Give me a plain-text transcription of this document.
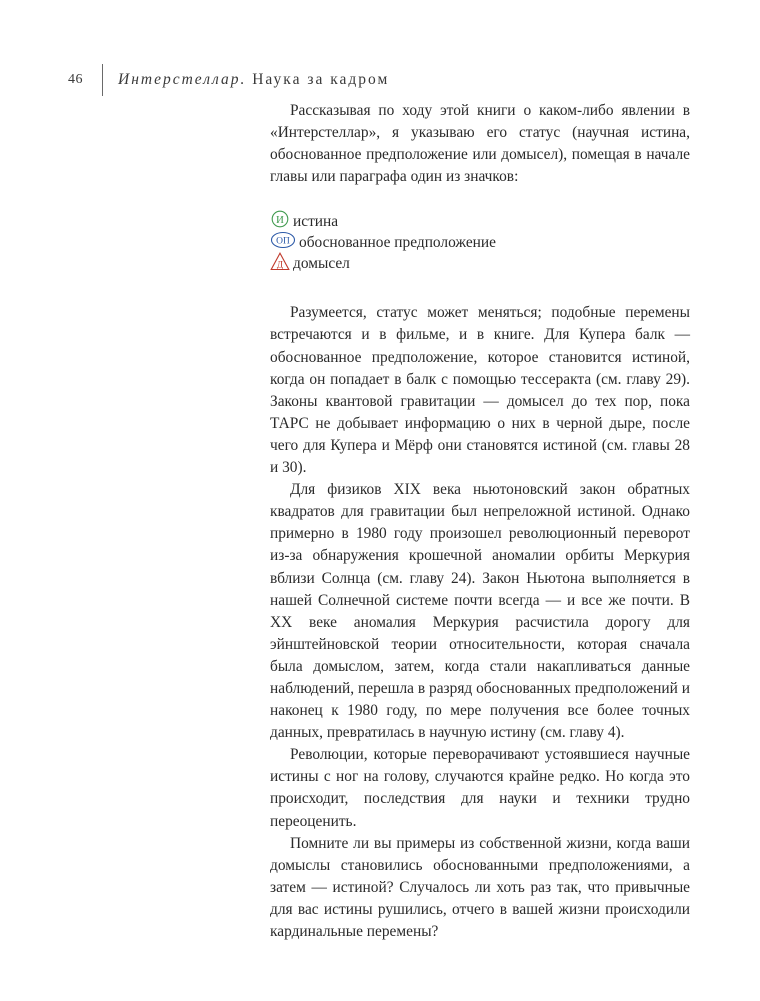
46 Интерстеллар. Наука за кадром

Рассказывая по ходу этой книги о каком-либо явлении в «Интерстеллар», я указываю его статус (научная истина, обоснованное предположение или домысел), помещая в начале главы или параграфа один из значков:

И истина
ОП обоснованное предположение
Д домысел

Разумеется, статус может меняться; подобные перемены встречаются и в фильме, и в книге. Для Купера балк — обоснованное предположение, которое становится истиной, когда он попадает в балк с помощью тессеракта (см. главу 29). Законы квантовой гравитации — домысел до тех пор, пока ТАРС не добывает информацию о них в черной дыре, после чего для Купера и Мёрф они становятся истиной (см. главы 28 и 30).

Для физиков XIX века ньютоновский закон обратных квадратов для гравитации был непреложной истиной. Однако примерно в 1980 году произошел революционный переворот из-за обнаружения крошечной аномалии орбиты Меркурия вблизи Солнца (см. главу 24). Закон Ньютона выполняется в нашей Солнечной системе почти всегда — и все же почти. В XX веке аномалия Меркурия расчистила дорогу для эйнштейновской теории относительности, которая сначала была домыслом, затем, когда стали накапливаться данные наблюдений, перешла в разряд обоснованных предположений и наконец к 1980 году, по мере получения все более точных данных, превратилась в научную истину (см. главу 4).

Революции, которые переворачивают устоявшиеся научные истины с ног на голову, случаются крайне редко. Но когда это происходит, последствия для науки и техники трудно переоценить.

Помните ли вы примеры из собственной жизни, когда ваши домыслы становились обоснованными предположениями, а затем — истиной? Случалось ли хоть раз так, что привычные для вас истины рушились, отчего в вашей жизни происходили кардинальные перемены?
